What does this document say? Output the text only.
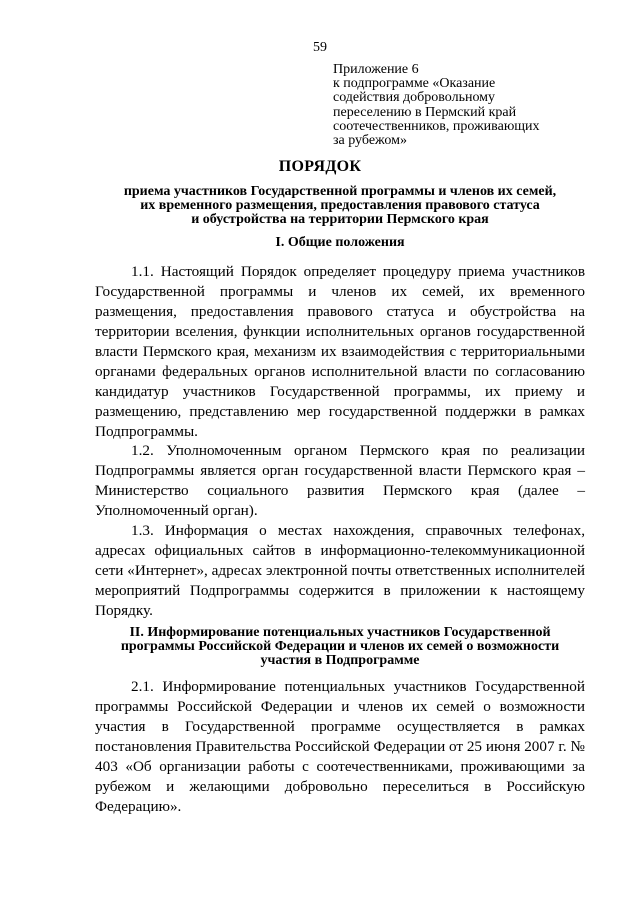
59
Приложение 6
к подпрограмме «Оказание
содействия добровольному
переселению в Пермский край
соотечественников, проживающих
за рубежом»
ПОРЯДОК
приема участников Государственной программы и членов их семей,
их временного размещения, предоставления правового статуса
и обустройства на территории Пермского края
I. Общие положения

1.1. Настоящий Порядок определяет процедуру приема участников Государственной программы и членов их семей, их временного размещения, предоставления правового статуса и обустройства на территории вселения, функции исполнительных органов государственной власти Пермского края, механизм их взаимодействия с территориальными органами федеральных органов исполнительной власти по согласованию кандидатур участников Государственной программы, их приему и размещению, представлению мер государственной поддержки в рамках Подпрограммы.

1.2. Уполномоченным органом Пермского края по реализации Подпрограммы является орган государственной власти Пермского края – Министерство социального развития Пермского края (далее – Уполномоченный орган).

1.3. Информация о местах нахождения, справочных телефонах, адресах официальных сайтов в информационно-телекоммуникационной сети «Интернет», адресах электронной почты ответственных исполнителей мероприятий Подпрограммы содержится в приложении к настоящему Порядку.

II. Информирование потенциальных участников Государственной
программы Российской Федерации и членов их семей о возможности
участия в Подпрограмме

2.1. Информирование потенциальных участников Государственной программы Российской Федерации и членов их семей о возможности участия в Государственной программе осуществляется в рамках постановления Правительства Российской Федерации от 25 июня 2007 г. № 403 «Об организации работы с соотечественниками, проживающими за рубежом и желающими добровольно переселиться в Российскую Федерацию».
